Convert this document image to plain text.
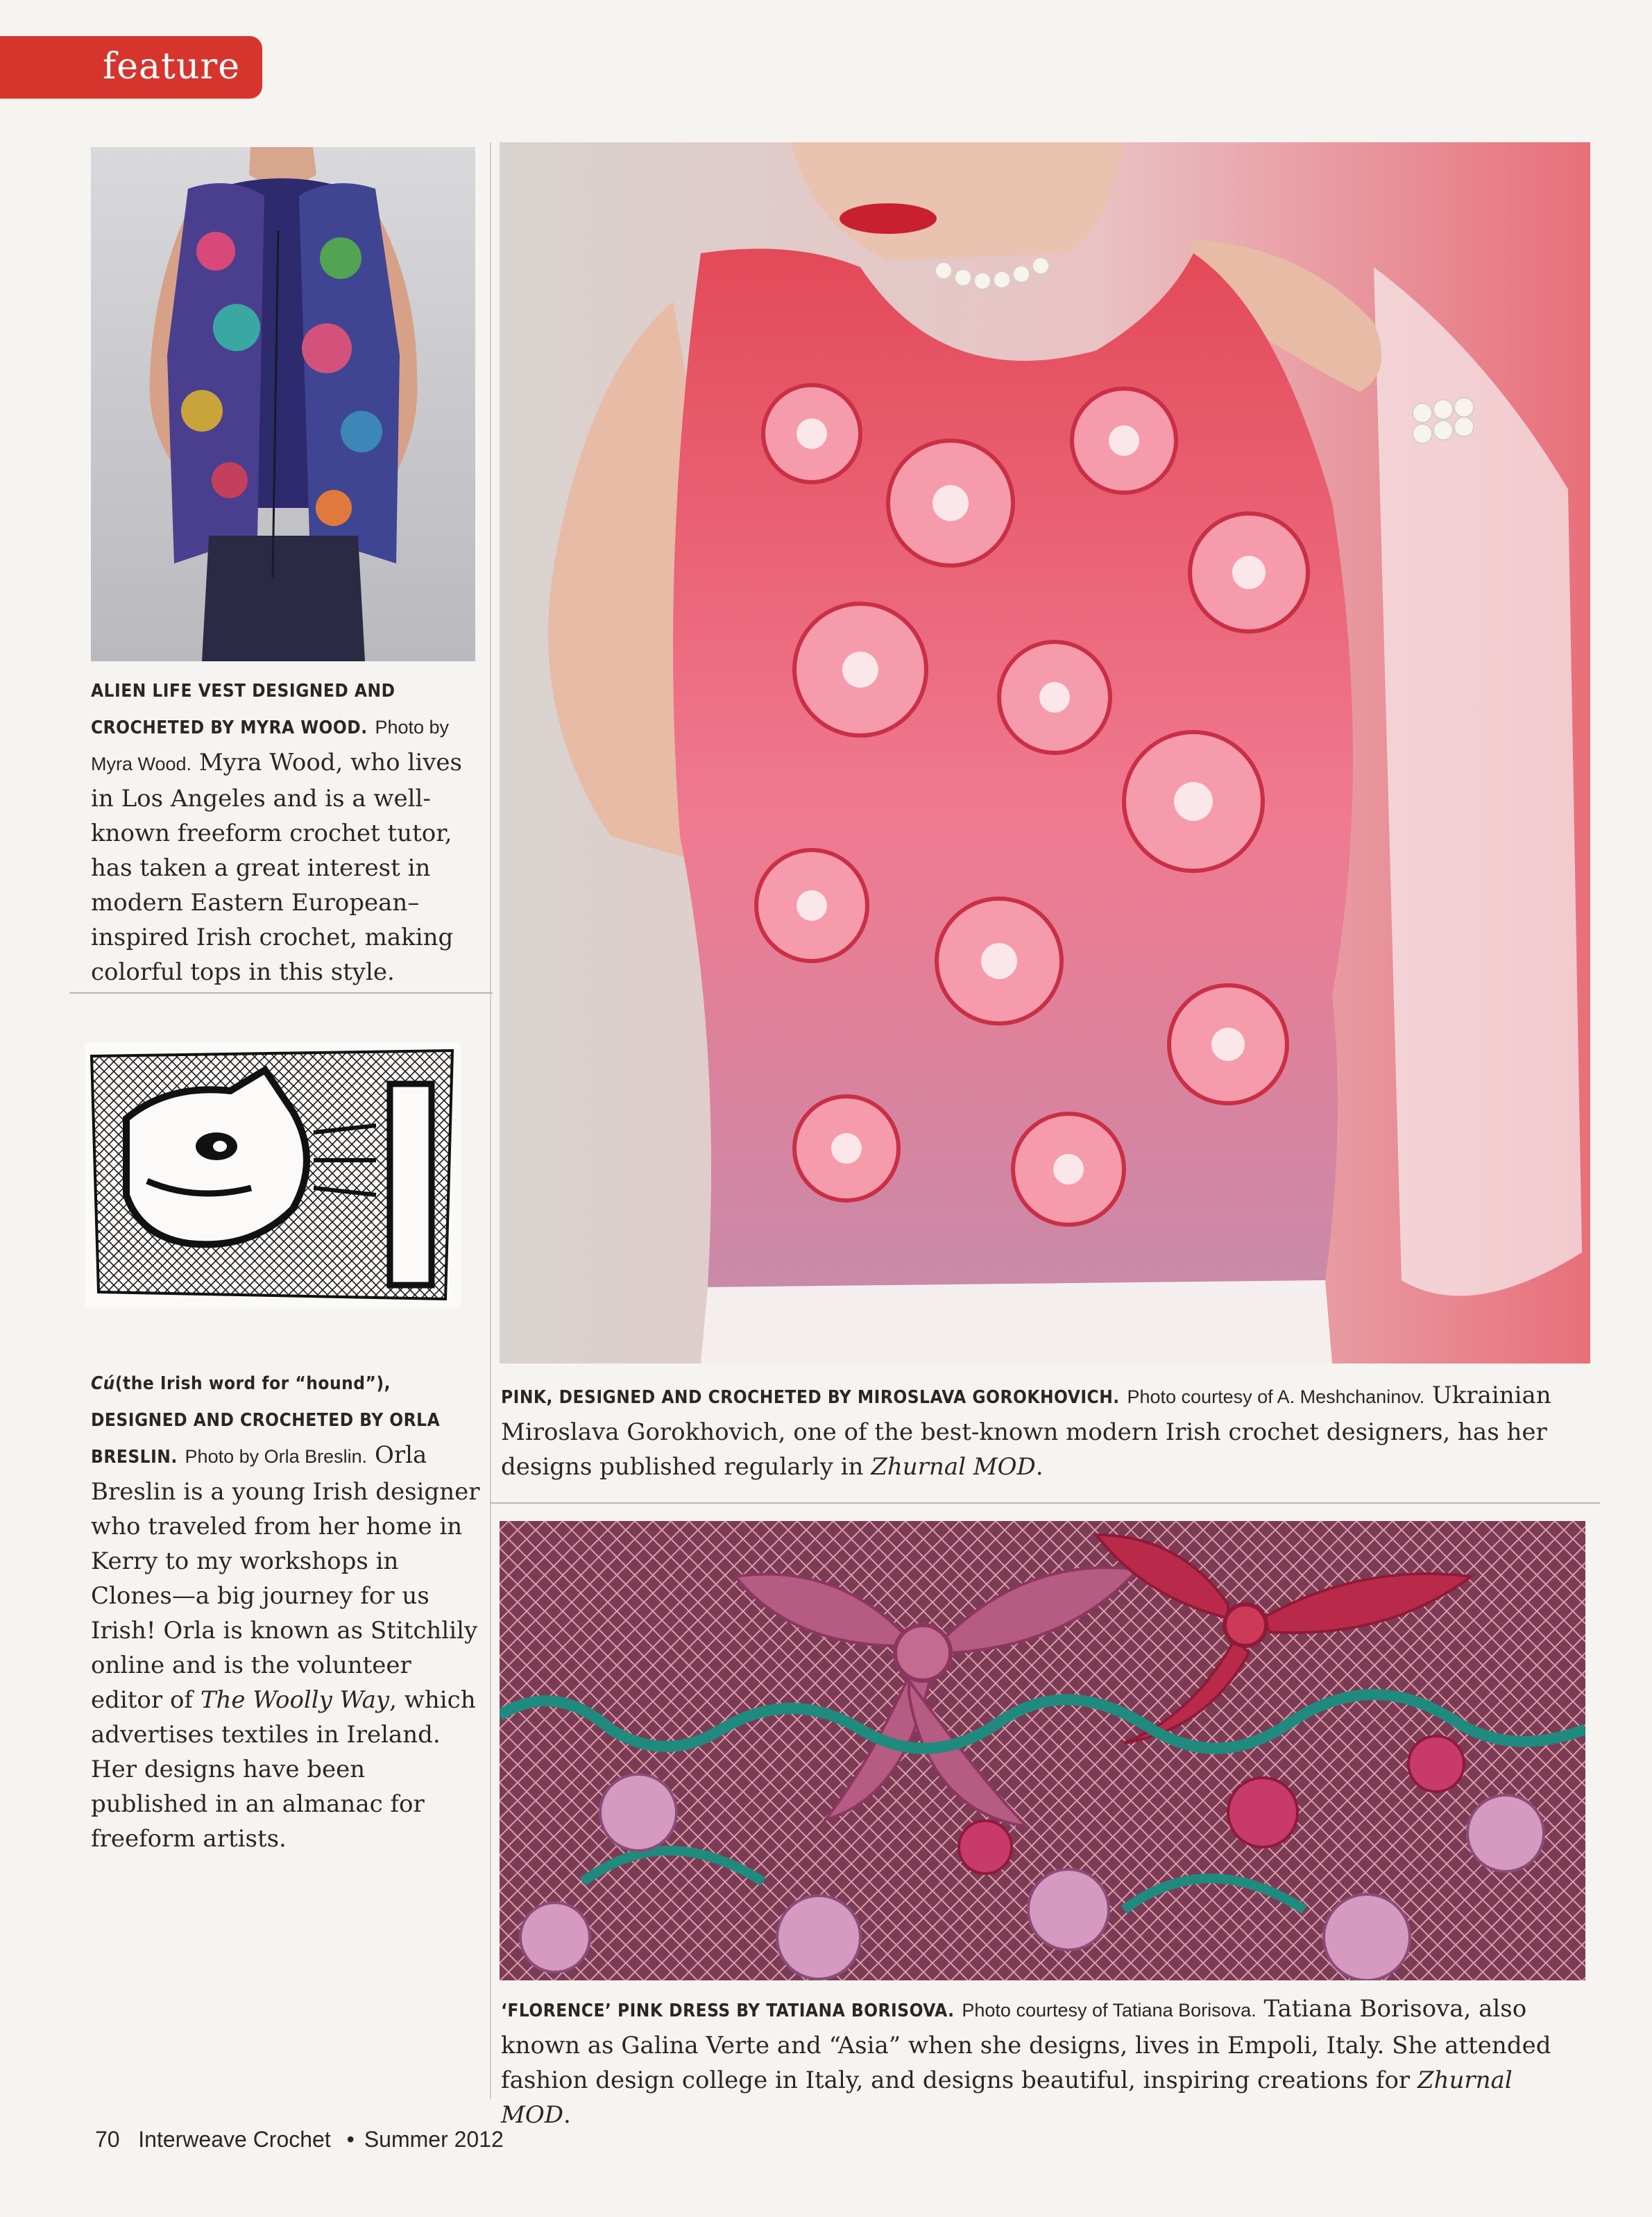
feature
ALIEN LIFE VEST DESIGNED AND CROCHETED BY MYRA WOOD. Photo by Myra Wood. Myra Wood, who lives in Los Angeles and is a well-known freeform crochet tutor, has taken a great interest in modern Eastern European–inspired Irish crochet, making colorful tops in this style.
Cú(the Irish word for “hound”), DESIGNED AND CROCHETED BY ORLA BRESLIN. Photo by Orla Breslin. Orla Breslin is a young Irish designer who traveled from her home in Kerry to my workshops in Clones—a big journey for us Irish! Orla is known as Stitchlily online and is the volunteer editor of The Woolly Way, which advertises textiles in Ireland. Her designs have been published in an almanac for freeform artists.
PINK, DESIGNED AND CROCHETED BY MIROSLAVA GOROKHOVICH. Photo courtesy of A. Meshchaninov. Ukrainian Miroslava Gorokhovich, one of the best-known modern Irish crochet designers, has her designs published regularly in Zhurnal MOD.
‘FLORENCE’ PINK DRESS BY TATIANA BORISOVA. Photo courtesy of Tatiana Borisova. Tatiana Borisova, also known as Galina Verte and “Asia” when she designs, lives in Empoli, Italy. She attended fashion design college in Italy, and designs beautiful, inspiring creations for Zhurnal MOD.
70 Interweave Crochet • Summer 2012
